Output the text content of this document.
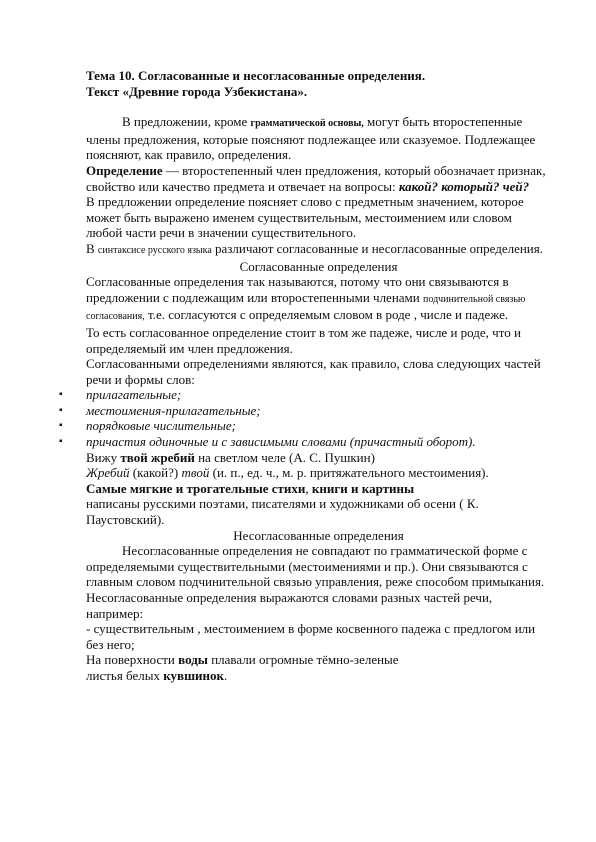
Тема 10. Согласованные и несогласованные определения.
Текст «Древние города Узбекистана».

В предложении, кроме грамматической основы, могут быть второстепенные члены предложения, которые поясняют подлежащее или сказуемое. Подлежащее поясняют, как правило, определения.

Определение — второстепенный член предложения, который обозначает признак, свойство или качество предмета и отвечает на вопросы: какой? который? чей?

В предложении определение поясняет слово с предметным значением, которое может быть выражено именем существительным, местоимением или словом любой части речи в значении существительного.

В синтаксисе русского языка различают согласованные и несогласованные определения.

Согласованные определения

Согласованные определения так называются, потому что они связываются в предложении с подлежащим или второстепенными членами подчинительной связью согласования, т.е. согласуются с определяемым словом в роде , числе и падеже.

То есть согласованное определение стоит в том же падеже, числе и роде, что и определяемый им член предложения.

Согласованными определениями являются, как правило, слова следующих частей речи и формы слов:

▪ прилагательные;
▪ местоимения-прилагательные;
▪ порядковые числительные;
▪ причастия одиночные и с зависимыми словами (причастный оборот).

Вижу твой жребий на светлом челе (А. С. Пушкин)

Жребий (какой?) твой (и. п., ед. ч., м. р. притяжательного местоимения).

Самые мягкие и трогательные стихи, книги и картины
написаны русскими поэтами, писателями и художниками об осени ( К. Паустовский).

Несогласованные определения

Несогласованные определения не совпадают по грамматической форме с определяемыми существительными (местоимениями и пр.). Они связываются с главным словом подчинительной связью управления, реже способом примыкания.

Несогласованные определения выражаются словами разных частей речи, например:

- существительным , местоимением в форме косвенного падежа с предлогом или без него;

На поверхности воды плавали огромные тёмно-зеленые
листья белых кувшинок.
